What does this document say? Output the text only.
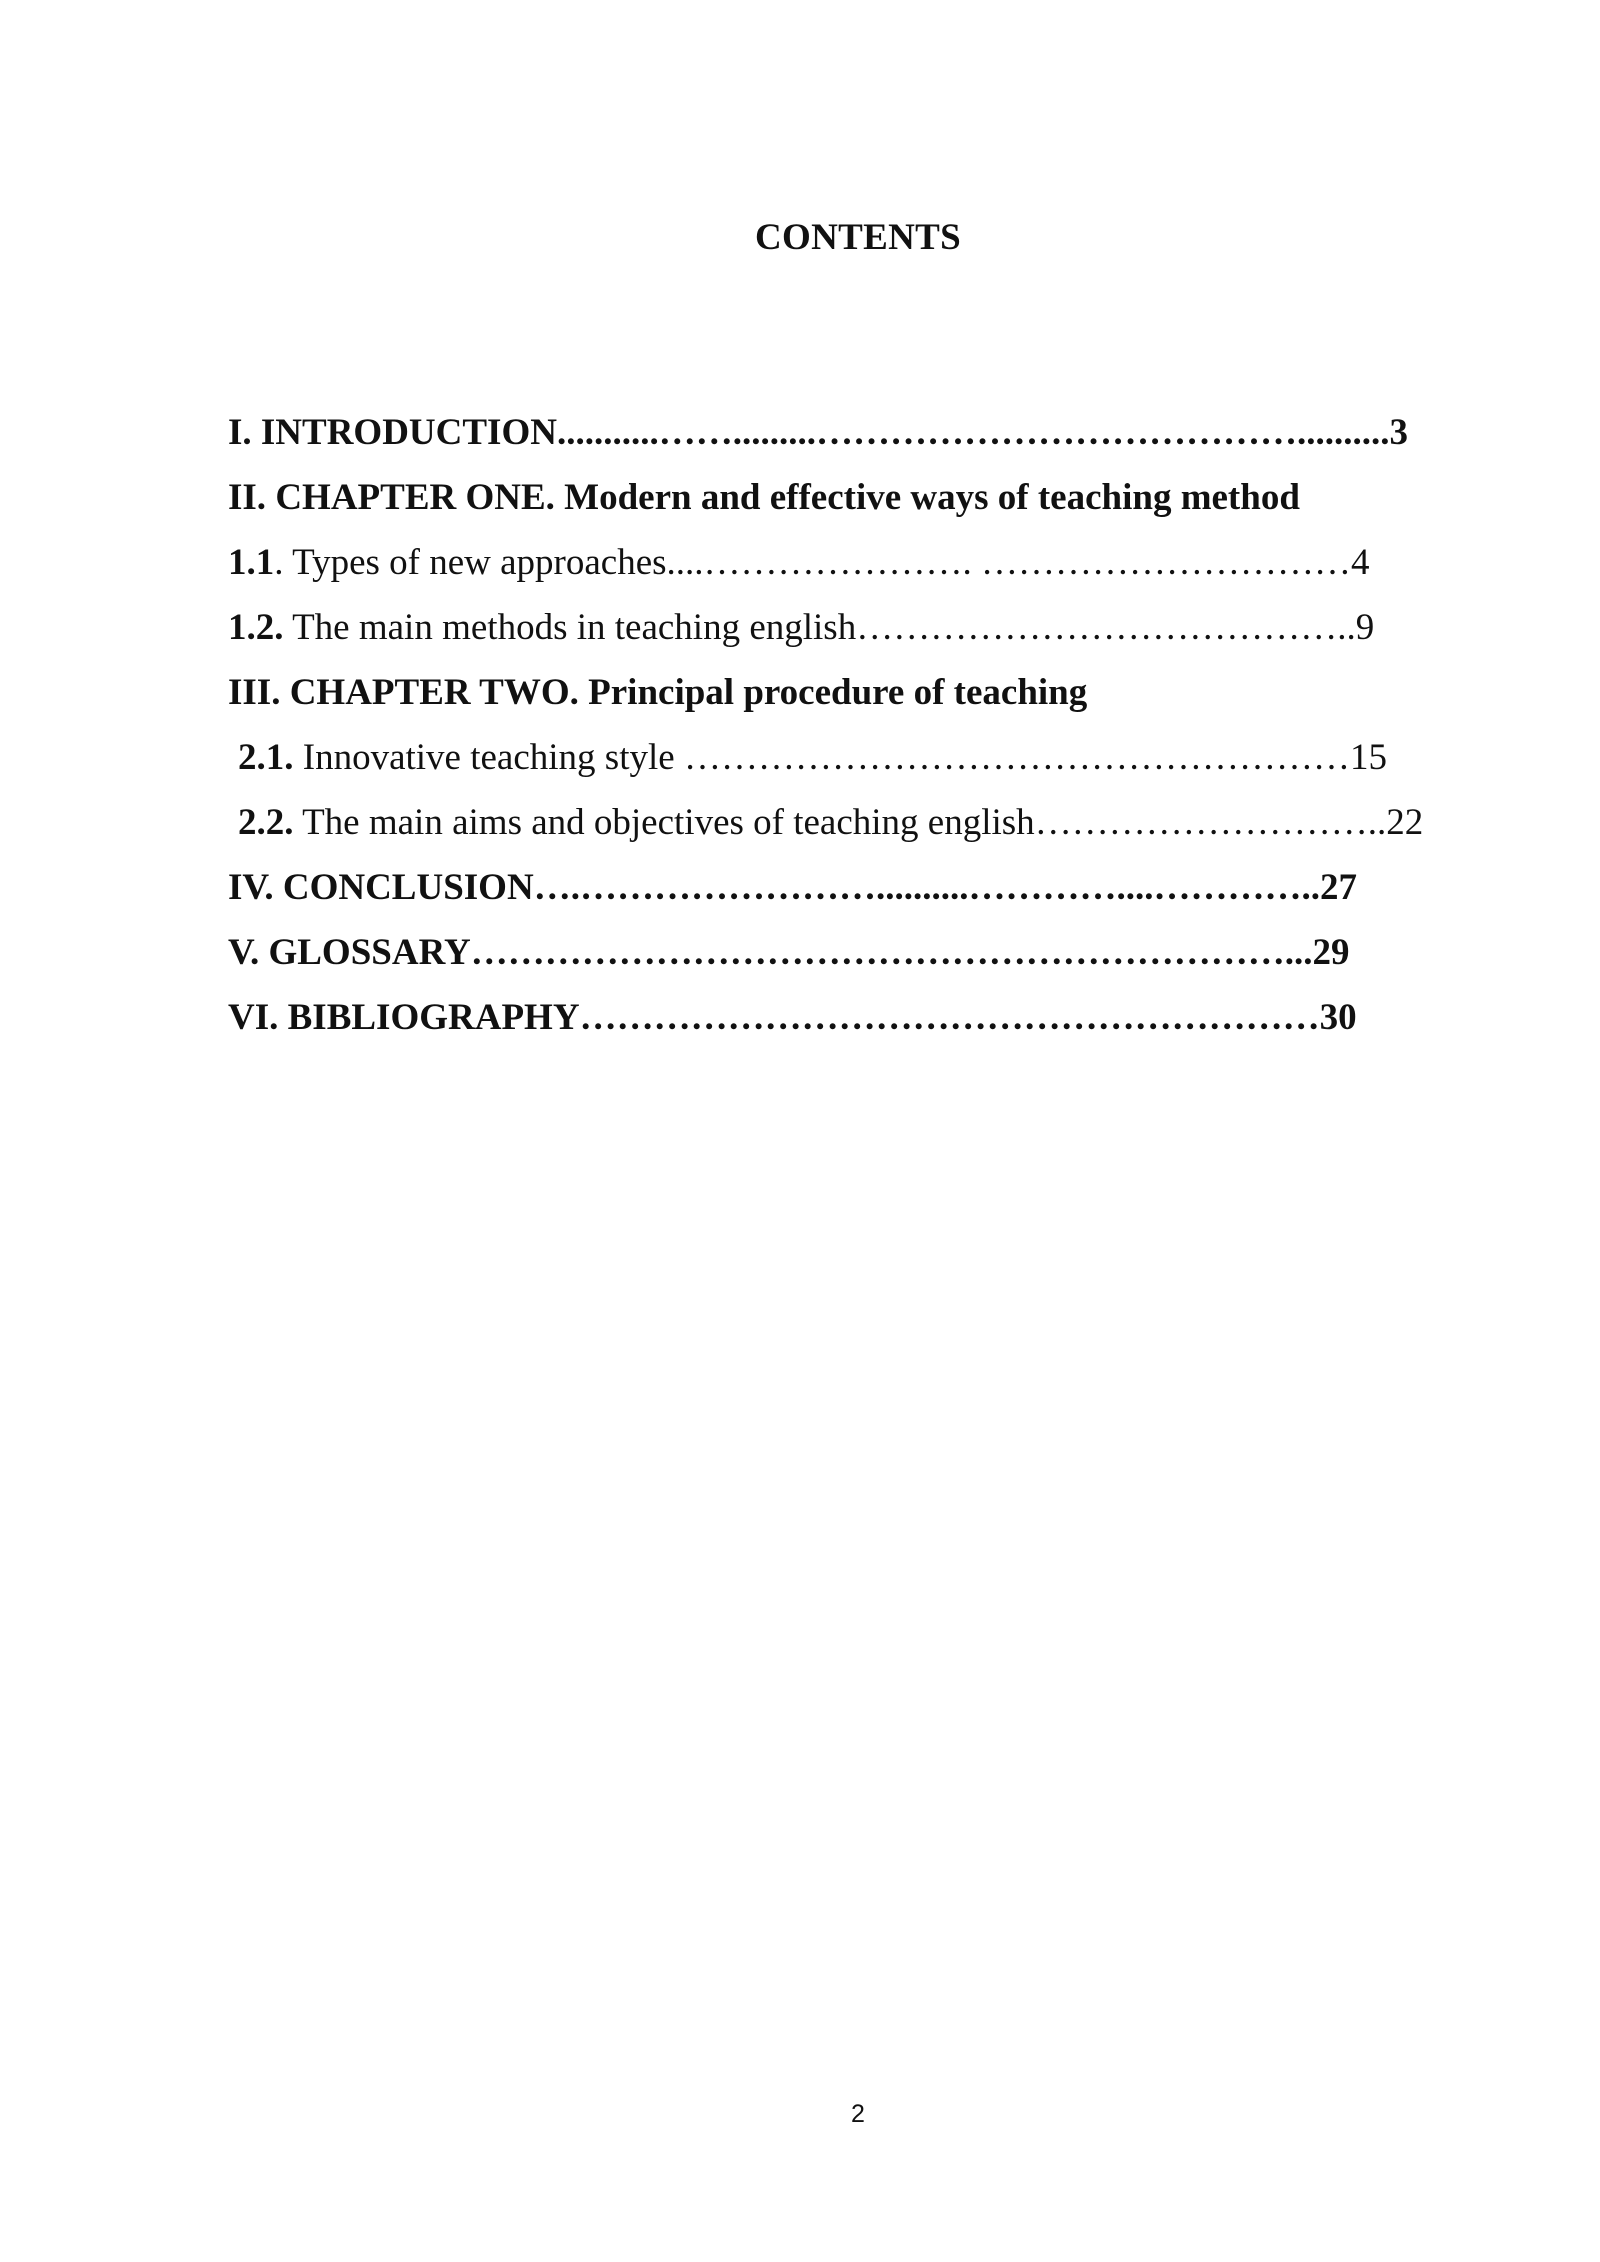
CONTENTS
I. INTRODUCTION...........…….........…………………………………..........3
II. CHAPTER ONE. Modern and effective ways of teaching method
1.1. Types of new approaches....…………………. …………………………4
1.2. The main methods in teaching english…………………………………..9
III. CHAPTER TWO. Principal procedure of teaching
2.1. Innovative teaching style ………………………………………………15
2.2. The main aims and objectives of teaching english………………………..22
IV. CONCLUSION….……………………..........…………....…………..27
V. GLOSSARY…………………………………………………………...29
VI. BIBLIOGRAPHY……………………………………………………30
2
